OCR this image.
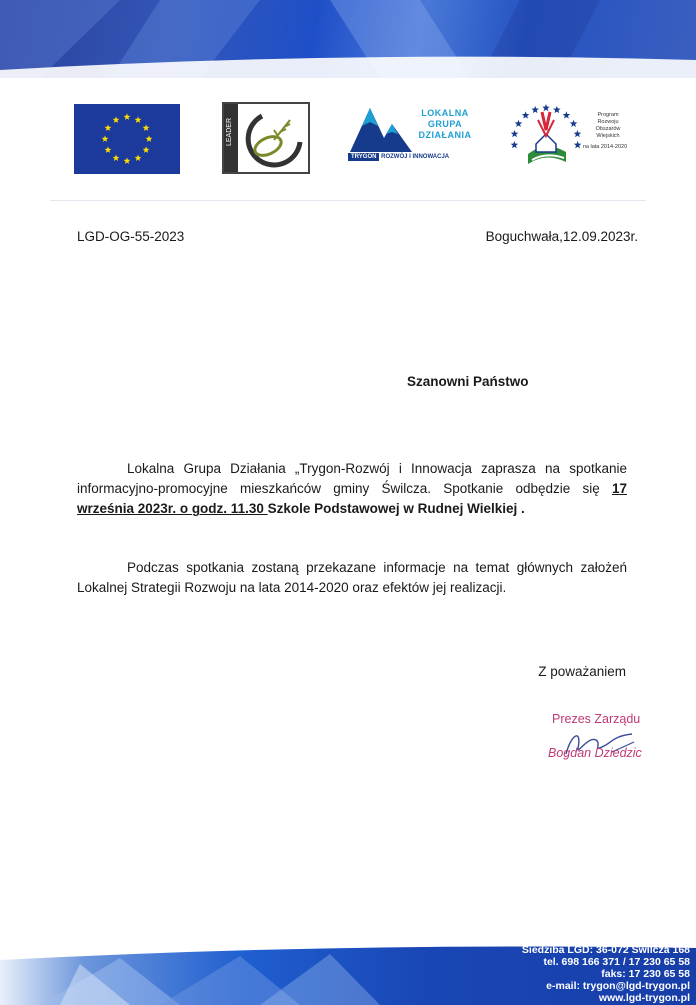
LEADER
LOKALNA
GRUPA
DZIAŁANIA
TRYGON ROZWÓJ I INNOWACJA
Program
Rozwoju
Obszarów
Wiejskich
na lata 2014-2020
LGD-OG-55-2023	Boguchwała,12.09.2023r.
Szanowni Państwo
Lokalna Grupa Działania „Trygon-Rozwój i Innowacja zaprasza na spotkanie informacyjno-promocyjne mieszkańców gminy Świlcza. Spotkanie odbędzie się 17 września 2023r. o godz. 11.30 Szkole Podstawowej w Rudnej Wielkiej .
Podczas spotkania zostaną przekazane informacje na temat głównych założeń Lokalnej Strategii Rozwoju na lata 2014-2020 oraz efektów jej realizacji.
Z poważaniem
Prezes Zarządu
Bogdan Dziedzic
Siedziba LGD: 36-072 Świlcza 168
tel. 698 166 371 / 17 230 65 58
faks: 17 230 65 58
e-mail: trygon@lgd-trygon.pl
www.lgd-trygon.pl
